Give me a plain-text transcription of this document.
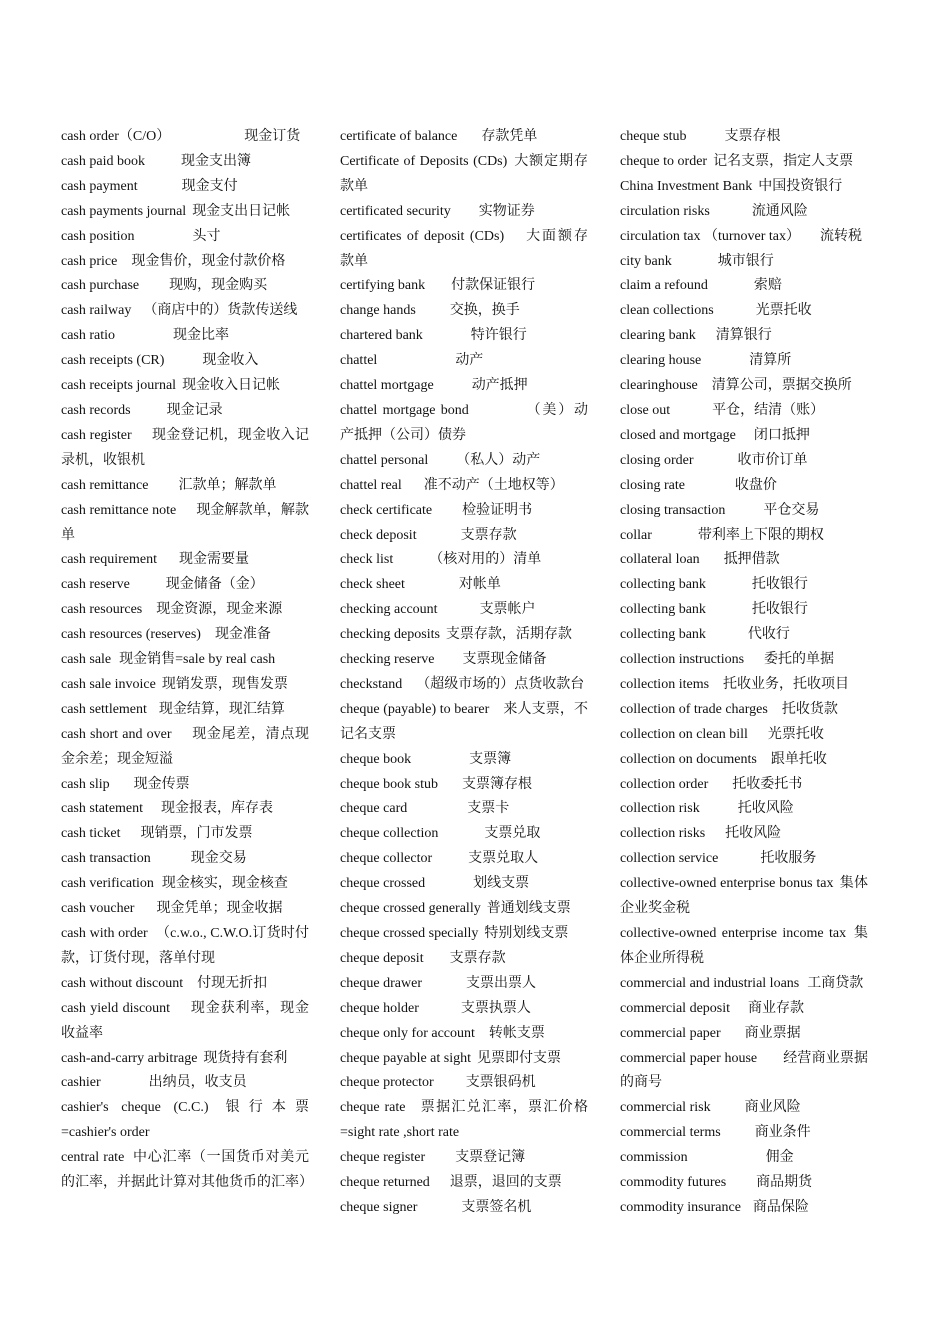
cash order（C/O）	现金订货
cash paid book	现金支出簿
cash payment	现金支付
cash payments journal 现金支出日记帐
cash position	头寸
cash price 现金售价，现金付款价格
cash purchase 现购，现金购买
cash railway （商店中的）货款传送线
cash ratio	现金比率
cash receipts (CR)	现金收入
cash receipts journal 现金收入日记帐
cash records	现金记录
cash register 现金登记机，现金收入记录机，收银机
cash remittance 汇款单；解款单
cash remittance note 现金解款单，解款单
cash requirement 现金需要量
cash reserve	现金储备（金）
cash resources 现金资源，现金来源
cash resources (reserves) 现金准备
cash sale 现金销售=sale by real cash
cash sale invoice 现销发票，现售发票
cash settlement 现金结算，现汇结算
cash short and over 现金尾差，清点现金余差；现金短溢
cash slip 现金传票
cash statement 现金报表，库存表
cash ticket 现销票，门市发票
cash transaction	现金交易
cash verification 现金核实，现金核查
cash voucher 现金凭单；现金收据
cash with order （c.w.o., C.W.O.订货时付款，订货付现，落单付现
cash without discount 付现无折扣
cash yield discount 现金获利率，现金收益率
cash-and-carry arbitrage 现货持有套利
cashier	出纳员，收支员
cashier's cheque (C.C.) 银行本票=cashier's order
central rate 中心汇率（一国货币对美元的汇率，并据此计算对其他货币的汇率）
certificate of balance 存款凭单
Certificate of Deposits (CDs) 大额定期存款单
certificated security 实物证券
certificates of deposit (CDs) 大面额存款单
certifying bank 付款保证银行
change hands 交换，换手
chartered bank	特许银行
chattel	动产
chattel mortgage	动产抵押
chattel mortgage bond	（美）动产抵押（公司）债券
chattel personal （私人）动产
chattel real 准不动产（土地权等）
check certificate 检验证明书
check deposit	支票存款
check list	（核对用的）清单
check sheet	对帐单
checking account	支票帐户
checking deposits 支票存款，活期存款
checking reserve 支票现金储备
checkstand （超级市场的）点货收款台
cheque (payable) to bearer 来人支票，不记名支票
cheque book	支票簿
cheque book stub 支票簿存根
cheque card	支票卡
cheque collection	支票兑取
cheque collector	支票兑取人
cheque crossed	划线支票
cheque crossed generally 普通划线支票
cheque crossed specially 特别划线支票
cheque deposit 支票存款
cheque drawer	支票出票人
cheque holder	支票执票人
cheque only for account 转帐支票
cheque payable at sight 见票即付支票
cheque protector 支票银码机
cheque rate 票据汇兑汇率，票汇价格=sight rate ,short rate
cheque register 支票登记簿
cheque returned 退票，退回的支票
cheque signer	支票签名机
cheque stub	支票存根
cheque to order 记名支票，指定人支票
China Investment Bank 中国投资银行
circulation risks	流通风险
circulation tax （turnover tax） 流转税
city bank	城市银行
claim a refound	索赔
clean collections	光票托收
clearing bank 清算银行
clearing house	清算所
clearinghouse 清算公司，票据交换所
close out	平仓，结清（账）
closed and mortgage 闭口抵押
closing order	收市价订单
closing rate	收盘价
closing transaction	平仓交易
collar	带利率上下限的期权
collateral loan 抵押借款
collecting bank	托收银行
collecting bank	托收银行
collecting bank	代收行
collection instructions 委托的单据
collection items 托收业务，托收项目
collection of trade charges 托收货款
collection on clean bill 光票托收
collection on documents 跟单托收
collection order 托收委托书
collection risk	托收风险
collection risks 托收风险
collection service	托收服务
collective-owned enterprise bonus tax 集体企业奖金税
collective-owned enterprise income tax 集体企业所得税
commercial and industrial loans 工商贷款
commercial deposit 商业存款
commercial paper 商业票据
commercial paper house 经营商业票据的商号
commercial risk 商业风险
commercial terms 商业条件
commission	佣金
commodity futures 商品期货
commodity insurance 商品保险
